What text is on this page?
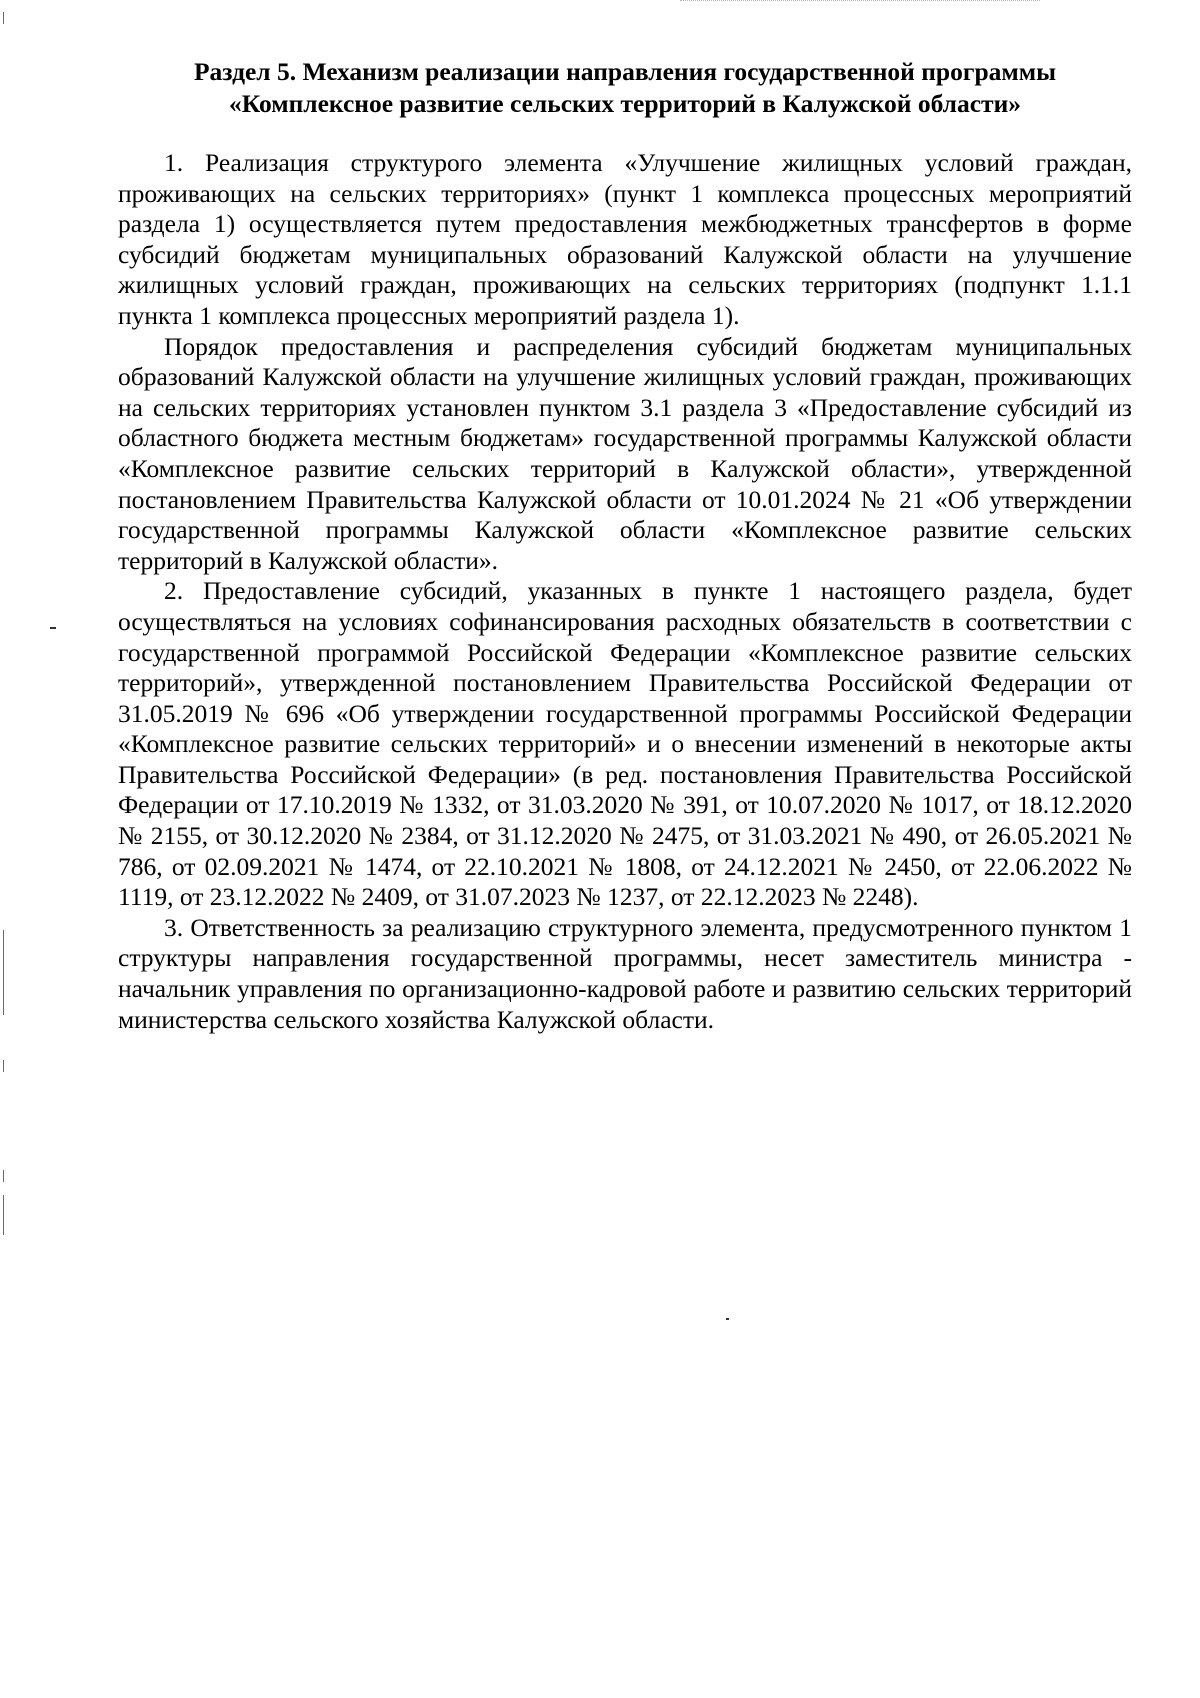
Раздел 5. Механизм реализации направления государственной программы
«Комплексное развитие сельских территорий в Калужской области»

1. Реализация структурого элемента «Улучшение жилищных условий граждан, проживающих на сельских территориях» (пункт 1 комплекса процессных мероприятий раздела 1) осуществляется путем предоставления межбюджетных трансфертов в форме субсидий бюджетам муниципальных образований Калужской области на улучшение жилищных условий граждан, проживающих на сельских территориях (подпункт 1.1.1 пункта 1 комплекса процессных мероприятий раздела 1).

Порядок предоставления и распределения субсидий бюджетам муниципальных образований Калужской области на улучшение жилищных условий граждан, проживающих на сельских территориях установлен пунктом 3.1 раздела 3 «Предоставление субсидий из областного бюджета местным бюджетам» государственной программы Калужской области «Комплексное развитие сельских территорий в Калужской области», утвержденной постановлением Правительства Калужской области от 10.01.2024 № 21 «Об утверждении государственной программы Калужской области «Комплексное развитие сельских территорий в Калужской области».

2. Предоставление субсидий, указанных в пункте 1 настоящего раздела, будет осуществляться на условиях софинансирования расходных обязательств в соответствии с государственной программой Российской Федерации «Комплексное развитие сельских территорий», утвержденной постановлением Правительства Российской Федерации от 31.05.2019 № 696 «Об утверждении государственной программы Российской Федерации «Комплексное развитие сельских территорий» и о внесении изменений в некоторые акты Правительства Российской Федерации» (в ред. постановления Правительства Российской Федерации от 17.10.2019 № 1332, от 31.03.2020 № 391, от 10.07.2020 № 1017, от 18.12.2020 № 2155, от 30.12.2020 № 2384, от 31.12.2020 № 2475, от 31.03.2021 № 490, от 26.05.2021 № 786, от 02.09.2021 № 1474, от 22.10.2021 № 1808, от 24.12.2021 № 2450, от 22.06.2022 № 1119, от 23.12.2022 № 2409, от 31.07.2023 № 1237, от 22.12.2023 № 2248).

3. Ответственность за реализацию структурного элемента, предусмотренного пунктом 1 структуры направления государственной программы, несет заместитель министра - начальник управления по организационно-кадровой работе и развитию сельских территорий министерства сельского хозяйства Калужской области.
